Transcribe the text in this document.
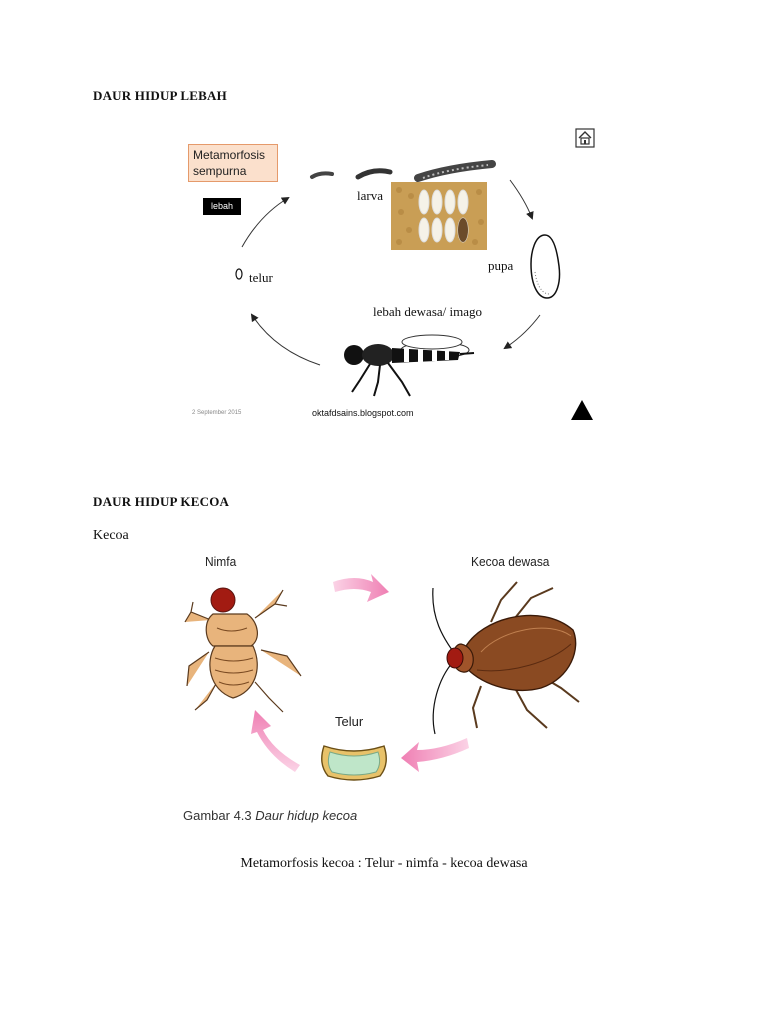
DAUR HIDUP LEBAH
larva
pupa
telur
lebah dewasa/ imago
2 September 2015	oktafdsains.blogspot.com
Metamorfosis sempurna
lebah
DAUR HIDUP KECOA
Kecoa
Nimfa	Kecoa dewasa
Telur
Gambar 4.3 Daur hidup kecoa
Metamorfosis kecoa : Telur - nimfa - kecoa dewasa
